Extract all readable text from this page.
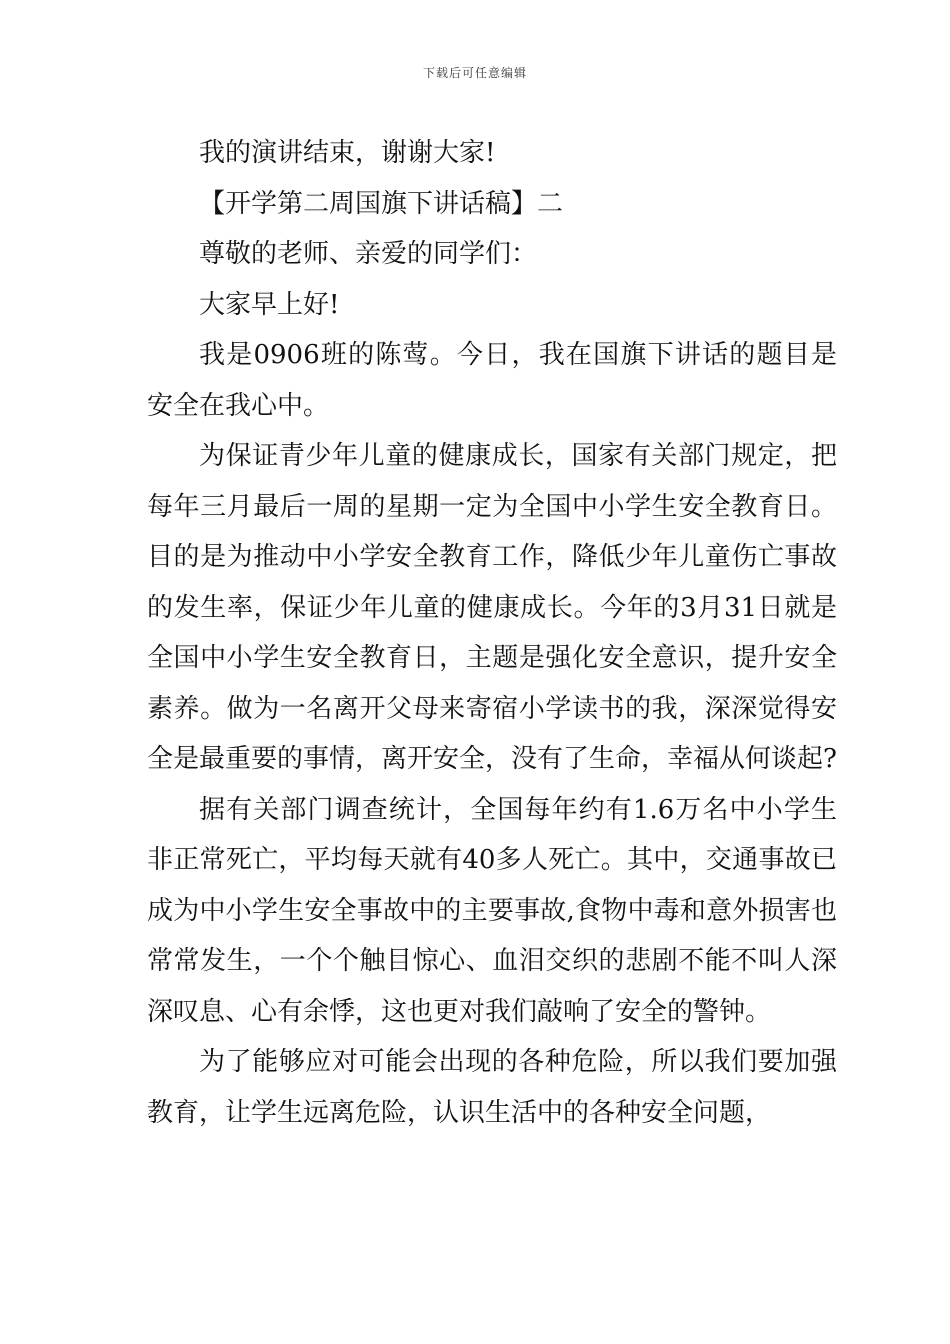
下载后可任意编辑

我的演讲结束，谢谢大家!

【开学第二周国旗下讲话稿】二

尊敬的老师、亲爱的同学们：

大家早上好!

我是0906班的陈莺。今日，我在国旗下讲话的题目是安全在我心中。

为保证青少年儿童的健康成长，国家有关部门规定，把每年三月最后一周的星期一定为全国中小学生安全教育日。目的是为推动中小学安全教育工作，降低少年儿童伤亡事故的发生率，保证少年儿童的健康成长。今年的3月31日就是全国中小学生安全教育日，主题是强化安全意识，提升安全素养。做为一名离开父母来寄宿小学读书的我，深深觉得安全是最重要的事情，离开安全，没有了生命，幸福从何谈起?

据有关部门调查统计，全国每年约有1.6万名中小学生非正常死亡，平均每天就有40多人死亡。其中，交通事故已成为中小学生安全事故中的主要事故,食物中毒和意外损害也常常发生，一个个触目惊心、血泪交织的悲剧不能不叫人深深叹息、心有余悸，这也更对我们敲响了安全的警钟。

为了能够应对可能会出现的各种危险，所以我们要加强教育，让学生远离危险，认识生活中的各种安全问题，
